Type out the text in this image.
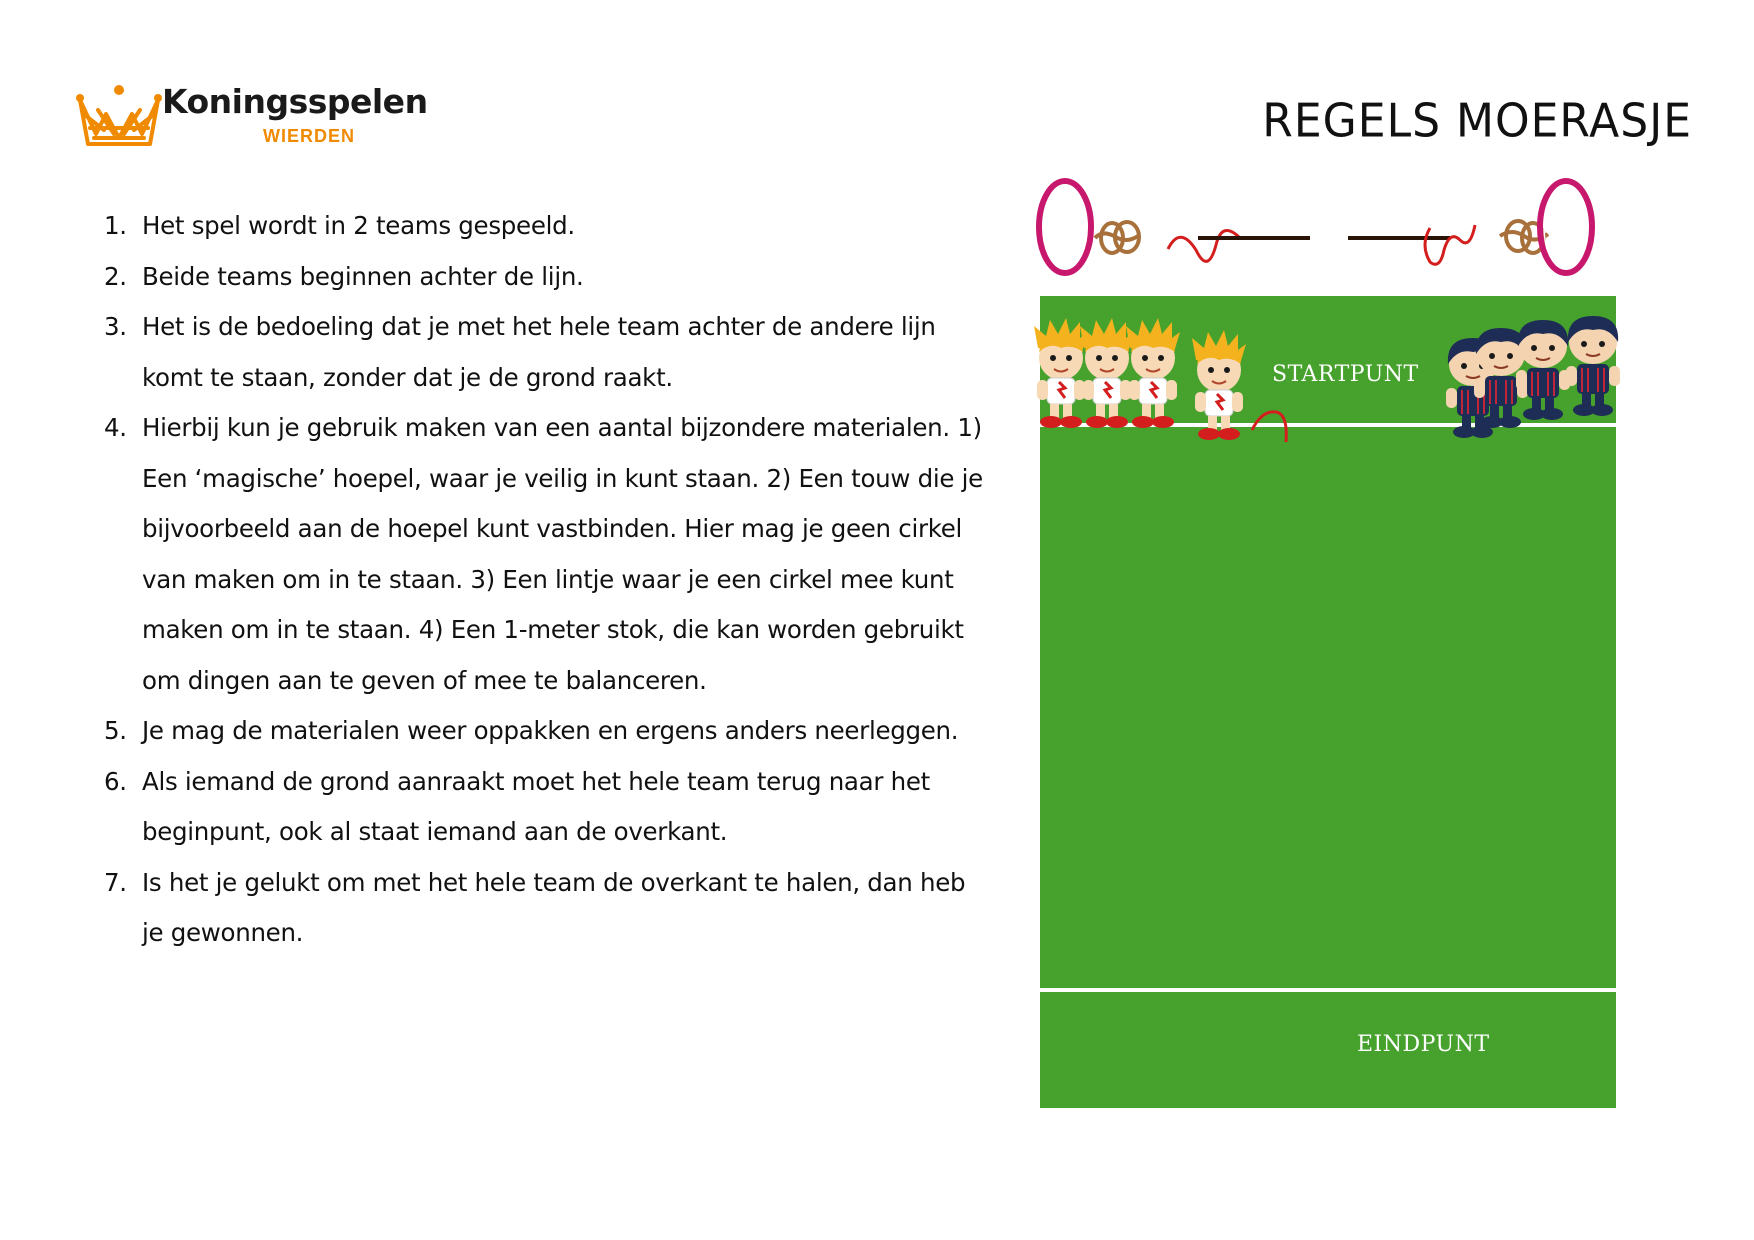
Koningsspelen
WIERDEN	REGELS MOERASJE
1. Het spel wordt in 2 teams gespeeld.
2. Beide teams beginnen achter de lijn.
3. Het is de bedoeling dat je met het hele team achter de andere lijn komt te staan, zonder dat je de grond raakt.
4. Hierbij kun je gebruik maken van een aantal bijzondere materialen. 1) Een ‘magische’ hoepel, waar je veilig in kunt staan. 2) Een touw die je bijvoorbeeld aan de hoepel kunt vastbinden. Hier mag je geen cirkel van maken om in te staan. 3) Een lintje waar je een cirkel mee kunt maken om in te staan. 4) Een 1-meter stok, die kan worden gebruikt om dingen aan te geven of mee te balanceren.
5. Je mag de materialen weer oppakken en ergens anders neerleggen.
6. Als iemand de grond aanraakt moet het hele team terug naar het beginpunt, ook al staat iemand aan de overkant.
7. Is het je gelukt om met het hele team de overkant te halen, dan heb je gewonnen.
STARTPUNT
EINDPUNT
